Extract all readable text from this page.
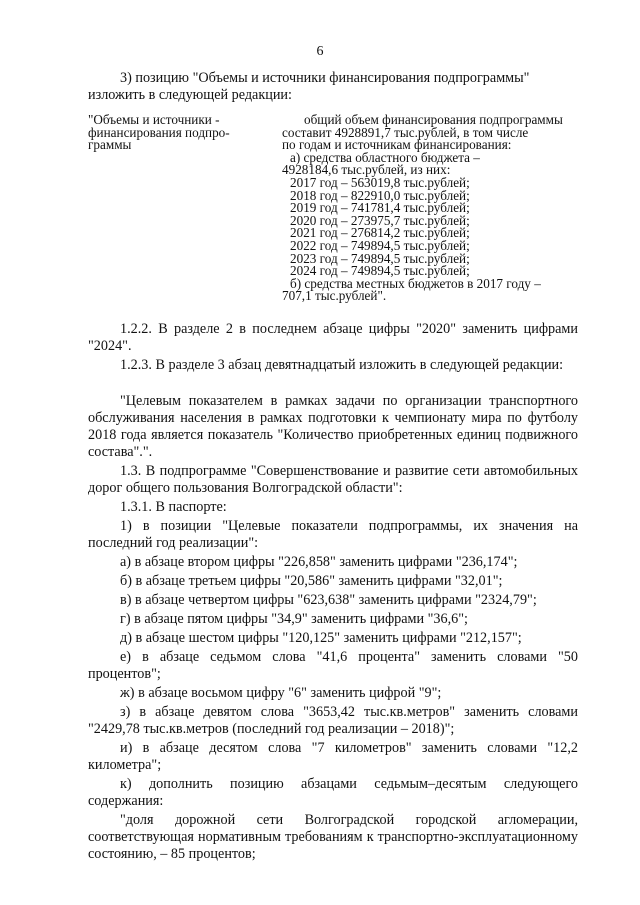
6
3) позицию "Объемы и источники финансирования подпрограммы"
изложить в следующей редакции:
"Объемы и источники -
финансирования подпро-
граммы
общий объем финансирования подпрограммы
составит 4928891,7 тыс.рублей, в том числе
по годам и источникам финансирования:
а) средства областного бюджета –
4928184,6 тыс.рублей, из них:
2017 год – 563019,8 тыс.рублей;
2018 год – 822910,0 тыс.рублей;
2019 год – 741781,4 тыс.рублей;
2020 год – 273975,7 тыс.рублей;
2021 год – 276814,2 тыс.рублей;
2022 год – 749894,5 тыс.рублей;
2023 год – 749894,5 тыс.рублей;
2024 год – 749894,5 тыс.рублей;
б) средства местных бюджетов в 2017 году –
707,1 тыс.рублей".
1.2.2. В разделе 2 в последнем абзаце цифры "2020" заменить цифрами "2024".
1.2.3. В разделе 3 абзац девятнадцатый изложить в следующей редакции:
"Целевым показателем в рамках задачи по организации транспортного обслуживания населения в рамках подготовки к чемпионату мира по футболу 2018 года является показатель "Количество приобретенных единиц подвижного состава".".
1.3. В подпрограмме "Совершенствование и развитие сети автомобильных дорог общего пользования Волгоградской области":
1.3.1. В паспорте:
1) в позиции "Целевые показатели подпрограммы, их значения на последний год реализации":
а) в абзаце втором цифры "226,858" заменить цифрами "236,174";
б) в абзаце третьем цифры "20,586" заменить цифрами "32,01";
в) в абзаце четвертом цифры "623,638" заменить цифрами "2324,79";
г) в абзаце пятом цифры "34,9" заменить цифрами "36,6";
д) в абзаце шестом цифры "120,125" заменить цифрами "212,157";
е) в абзаце седьмом слова "41,6 процента" заменить словами "50 процентов";
ж) в абзаце восьмом цифру "6" заменить цифрой "9";
з) в абзаце девятом слова "3653,42 тыс.кв.метров" заменить словами "2429,78 тыс.кв.метров (последний год реализации – 2018)";
и) в абзаце десятом слова "7 километров" заменить словами "12,2 километра";
к) дополнить позицию абзацами седьмым–десятым следующего содержания:
"доля дорожной сети Волгоградской городской агломерации, соответствующая нормативным требованиям к транспортно-эксплуатационному состоянию, – 85 процентов;
